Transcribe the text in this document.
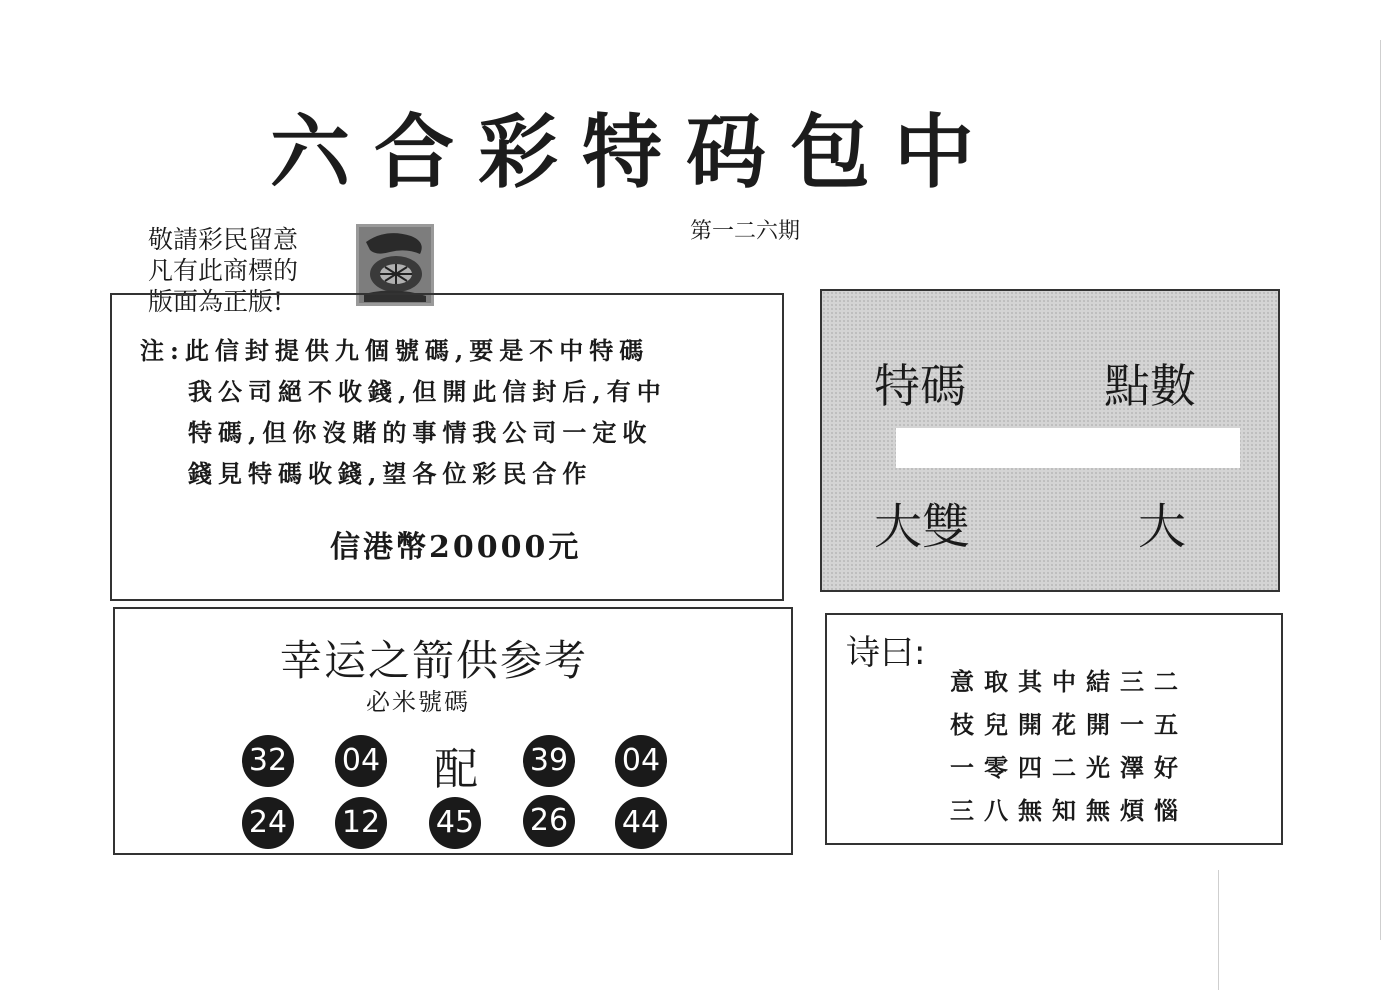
六合彩特码包中
第一二六期
敬請彩民留意
凡有此商標的
版面為正版!
注:此信封提供九個號碼,要是不中特碼
我公司絕不收錢,但開此信封后,有中
特碼,但你沒賭的事情我公司一定收
錢見特碼收錢,望各位彩民合作
信港幣20000元
特碼	點數
大雙	大
幸运之箭供参考
必米號碼
32 04 配 39 04
24 12 45 26 44
诗曰:
意取其中結三二
枝兒開花開一五
一零四二光澤好
三八無知無煩惱
